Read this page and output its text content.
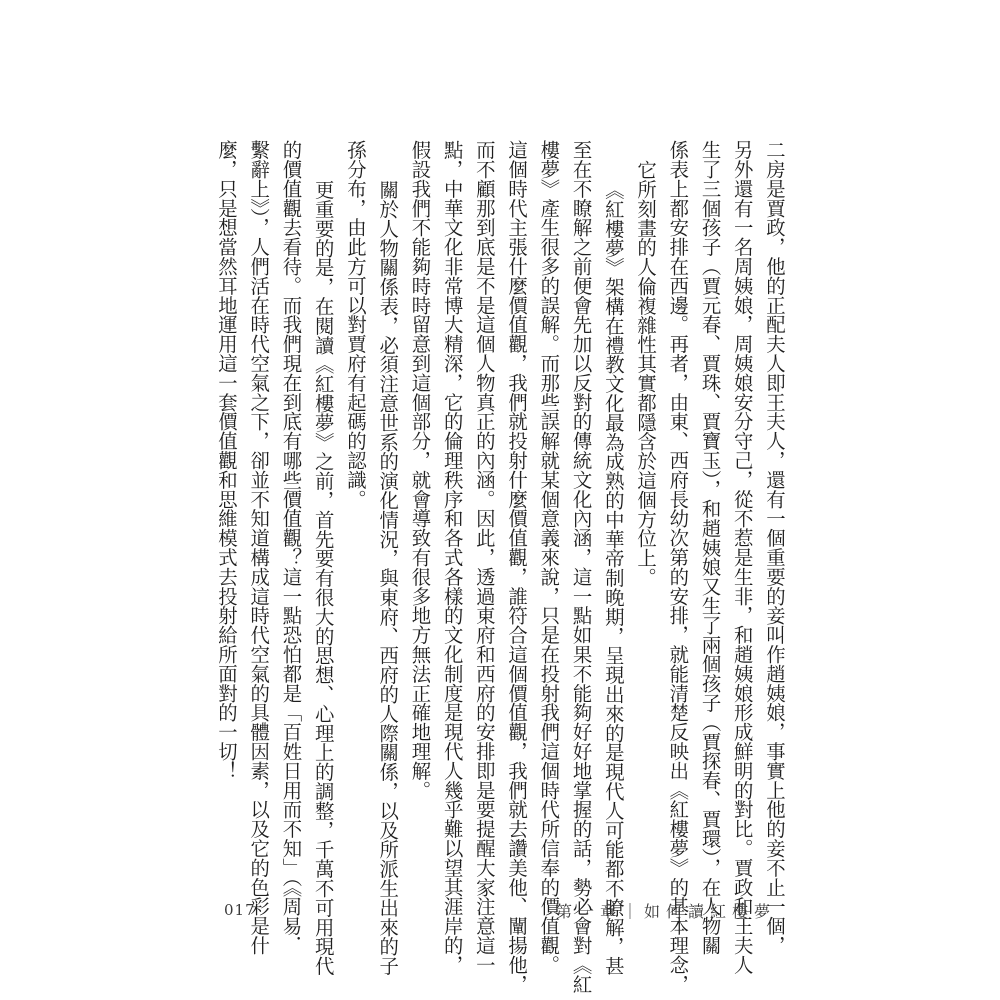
二房是賈政，他的正配夫人即王夫人，還有一個重要的妾叫作趙姨娘，事實上他的妾不止一個，
另外還有一名周姨娘，周姨娘安分守己，從不惹是生非，和趙姨娘形成鮮明的對比。賈政和王夫人
生了三個孩子（賈元春、賈珠、賈寶玉），和趙姨娘又生了兩個孩子（賈探春、賈環），在人物關
係表上都安排在西邊。再者，由東、西府長幼次第的安排，就能清楚反映出《紅樓夢》的基本理念，
它所刻畫的人倫複雜性其實都隱含於這個方位上。
《紅樓夢》架構在禮教文化最為成熟的中華帝制晚期，呈現出來的是現代人可能都不瞭解，甚
至在不瞭解之前便會先加以反對的傳統文化內涵，這一點如果不能夠好好地掌握的話，勢必會對《紅
樓夢》產生很多的誤解。而那些誤解就某個意義來說，只是在投射我們這個時代所信奉的價值觀。
這個時代主張什麼價值觀，我們就投射什麼價值觀，誰符合這個價值觀，我們就去讚美他、闡揚他，
而不顧那到底是不是這個人物真正的內涵。因此，透過東府和西府的安排即是要提醒大家注意這一
點，中華文化非常博大精深，它的倫理秩序和各式各樣的文化制度是現代人幾乎難以望其涯岸的，
假設我們不能夠時時留意到這個部分，就會導致有很多地方無法正確地理解。
關於人物關係表，必須注意世系的演化情況，與東府、西府的人際關係，以及所派生出來的子
孫分布，由此方可以對賈府有起碼的認識。
更重要的是，在閱讀《紅樓夢》之前，首先要有很大的思想、心理上的調整，千萬不可用現代
的價值觀去看待。而我們現在到底有哪些價值觀？這一點恐怕都是「百姓日用而不知」（《周易．
繫辭上》），人們活在時代空氣之下，卻並不知道構成這時代空氣的具體因素，以及它的色彩是什
麼，只是想當然耳地運用這一套價值觀和思維模式去投射給所面對的一切！
017	第一章｜如何讀紅樓夢
